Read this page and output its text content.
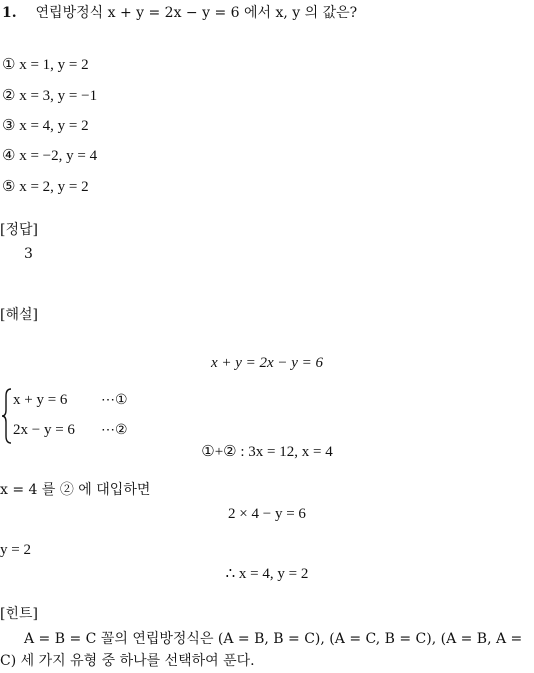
1. 연립방정식 x + y = 2x − y = 6 에서 x, y 의 값은?
① x = 1, y = 2
② x = 3, y = −1
③ x = 4, y = 2
④ x = −2, y = 4
⑤ x = 2, y = 2
[정답]
3
[해설]
x + y = 2x − y = 6
x + y = 6 ⋯①
2x − y = 6 ⋯②
①+② : 3x = 12, x = 4
x = 4 를 ② 에 대입하면
2 × 4 − y = 6
y = 2
∴ x = 4, y = 2
[힌트]
A = B = C 꼴의 연립방정식은 (A = B, B = C), (A = C, B = C), (A = B, A = C) 세 가지 유형 중 하나를 선택하여 푼다.
